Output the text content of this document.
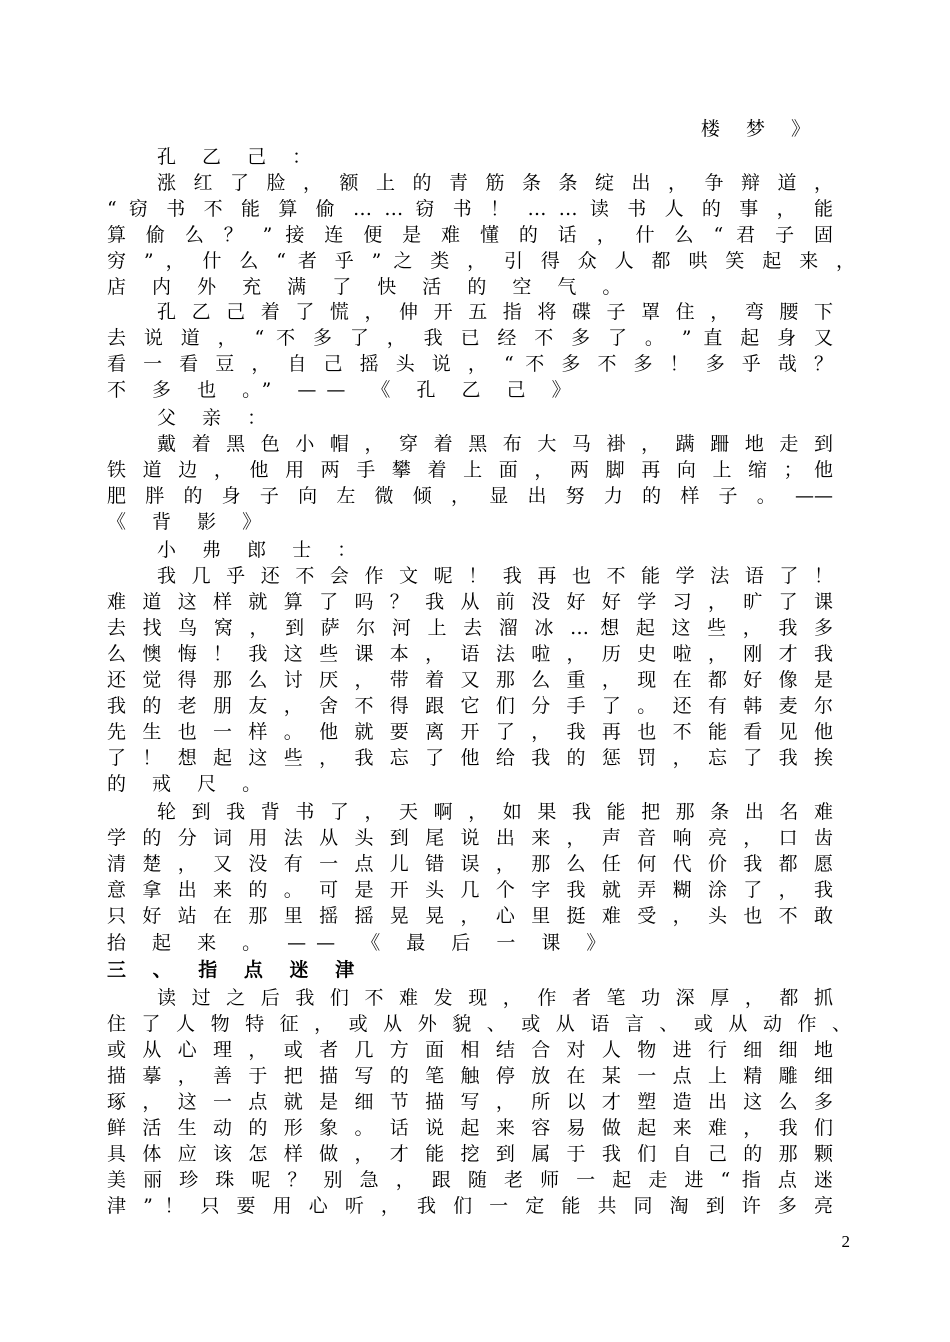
楼 梦 》
孔 乙 己 ：
涨 红 了 脸 ， 额 上 的 青 筋 条 条 绽 出 ， 争 辩 道 ，
“ 窃 书 不 能 算 偷 … … 窃 书 ！ … … 读 书 人 的 事 ， 能
算 偷 么 ？ ” 接 连 便 是 难 懂 的 话 ， 什 么 “ 君 子 固
穷 ” ， 什 么 “ 者 乎 ” 之 类 ， 引 得 众 人 都 哄 笑 起 来 ，
店 内 外 充 满 了 快 活 的 空 气 。
孔 乙 己 着 了 慌 ， 伸 开 五 指 将 碟 子 罩 住 ， 弯 腰 下
去 说 道 ， “ 不 多 了 ， 我 已 经 不 多 了 。 ” 直 起 身 又
看 一 看 豆 ， 自 己 摇 头 说 ， “ 不 多 不 多 ！ 多 乎 哉 ？
不 多 也 。” —— 《 孔 乙 己 》
父 亲 ：
戴 着 黑 色 小 帽 ， 穿 着 黑 布 大 马 褂 ， 蹒 跚 地 走 到
铁 道 边 ， 他 用 两 手 攀 着 上 面 ， 两 脚 再 向 上 缩 ； 他
肥 胖 的 身 子 向 左 微 倾 ， 显 出 努 力 的 样 子 。 ——
《 背 影 》
小 弗 郎 士 ：
我 几 乎 还 不 会 作 文 呢 ！ 我 再 也 不 能 学 法 语 了 ！
难 道 这 样 就 算 了 吗 ？ 我 从 前 没 好 好 学 习 ， 旷 了 课
去 找 鸟 窝 ， 到 萨 尔 河 上 去 溜 冰 … 想 起 这 些 ， 我 多
么 懊 悔 ！ 我 这 些 课 本 ， 语 法 啦 ， 历 史 啦 ， 刚 才 我
还 觉 得 那 么 讨 厌 ， 带 着 又 那 么 重 ， 现 在 都 好 像 是
我 的 老 朋 友 ， 舍 不 得 跟 它 们 分 手 了 。 还 有 韩 麦 尔
先 生 也 一 样 。 他 就 要 离 开 了 ， 我 再 也 不 能 看 见 他
了 ！ 想 起 这 些 ， 我 忘 了 他 给 我 的 惩 罚 ， 忘 了 我 挨
的 戒 尺 。
轮 到 我 背 书 了 ， 天 啊 ， 如 果 我 能 把 那 条 出 名 难
学 的 分 词 用 法 从 头 到 尾 说 出 来 ， 声 音 响 亮 ， 口 齿
清 楚 ， 又 没 有 一 点 儿 错 误 ， 那 么 任 何 代 价 我 都 愿
意 拿 出 来 的 。 可 是 开 头 几 个 字 我 就 弄 糊 涂 了 ， 我
只 好 站 在 那 里 摇 摇 晃 晃 ， 心 里 挺 难 受 ， 头 也 不 敢
抬 起 来 。 —— 《 最 后 一 课 》
三 、 指 点 迷 津
读 过 之 后 我 们 不 难 发 现 ， 作 者 笔 功 深 厚 ， 都 抓
住 了 人 物 特 征 ， 或 从 外 貌 、 或 从 语 言 、 或 从 动 作 、
或 从 心 理 ， 或 者 几 方 面 相 结 合 对 人 物 进 行 细 细 地
描 摹 ， 善 于 把 描 写 的 笔 触 停 放 在 某 一 点 上 精 雕 细
琢 ， 这 一 点 就 是 细 节 描 写 ， 所 以 才 塑 造 出 这 么 多
鲜 活 生 动 的 形 象 。 话 说 起 来 容 易 做 起 来 难 ， 我 们
具 体 应 该 怎 样 做 ， 才 能 挖 到 属 于 我 们 自 己 的 那 颗
美 丽 珍 珠 呢 ？ 别 急 ， 跟 随 老 师 一 起 走 进 “ 指 点 迷
津 ” ！ 只 要 用 心 听 ， 我 们 一 定 能 共 同 淘 到 许 多 亮
2
